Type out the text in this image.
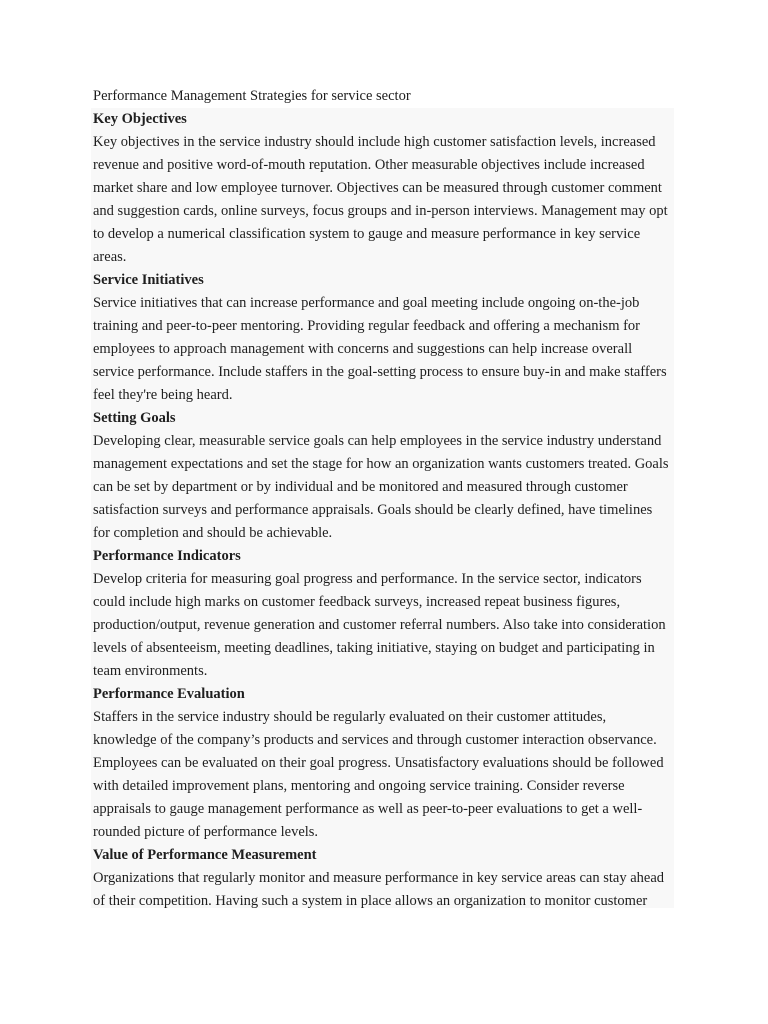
Performance Management Strategies for service sector
Key Objectives

Key objectives in the service industry should include high customer satisfaction levels, increased revenue and positive word-of-mouth reputation. Other measurable objectives include increased market share and low employee turnover. Objectives can be measured through customer comment and suggestion cards, online surveys, focus groups and in-person interviews. Management may opt to develop a numerical classification system to gauge and measure performance in key service areas.

Service Initiatives

Service initiatives that can increase performance and goal meeting include ongoing on-the-job training and peer-to-peer mentoring. Providing regular feedback and offering a mechanism for employees to approach management with concerns and suggestions can help increase overall service performance. Include staffers in the goal-setting process to ensure buy-in and make staffers feel they're being heard.

Setting Goals

Developing clear, measurable service goals can help employees in the service industry understand management expectations and set the stage for how an organization wants customers treated. Goals can be set by department or by individual and be monitored and measured through customer satisfaction surveys and performance appraisals. Goals should be clearly defined, have timelines for completion and should be achievable.

Performance Indicators

Develop criteria for measuring goal progress and performance. In the service sector, indicators could include high marks on customer feedback surveys, increased repeat business figures, production/output, revenue generation and customer referral numbers. Also take into consideration levels of absenteeism, meeting deadlines, taking initiative, staying on budget and participating in team environments.

Performance Evaluation

Staffers in the service industry should be regularly evaluated on their customer attitudes, knowledge of the company’s products and services and through customer interaction observance. Employees can be evaluated on their goal progress. Unsatisfactory evaluations should be followed with detailed improvement plans, mentoring and ongoing service training. Consider reverse appraisals to gauge management performance as well as peer-to-peer evaluations to get a well-rounded picture of performance levels.

Value of Performance Measurement

Organizations that regularly monitor and measure performance in key service areas can stay ahead of their competition. Having such a system in place allows an organization to monitor customer
